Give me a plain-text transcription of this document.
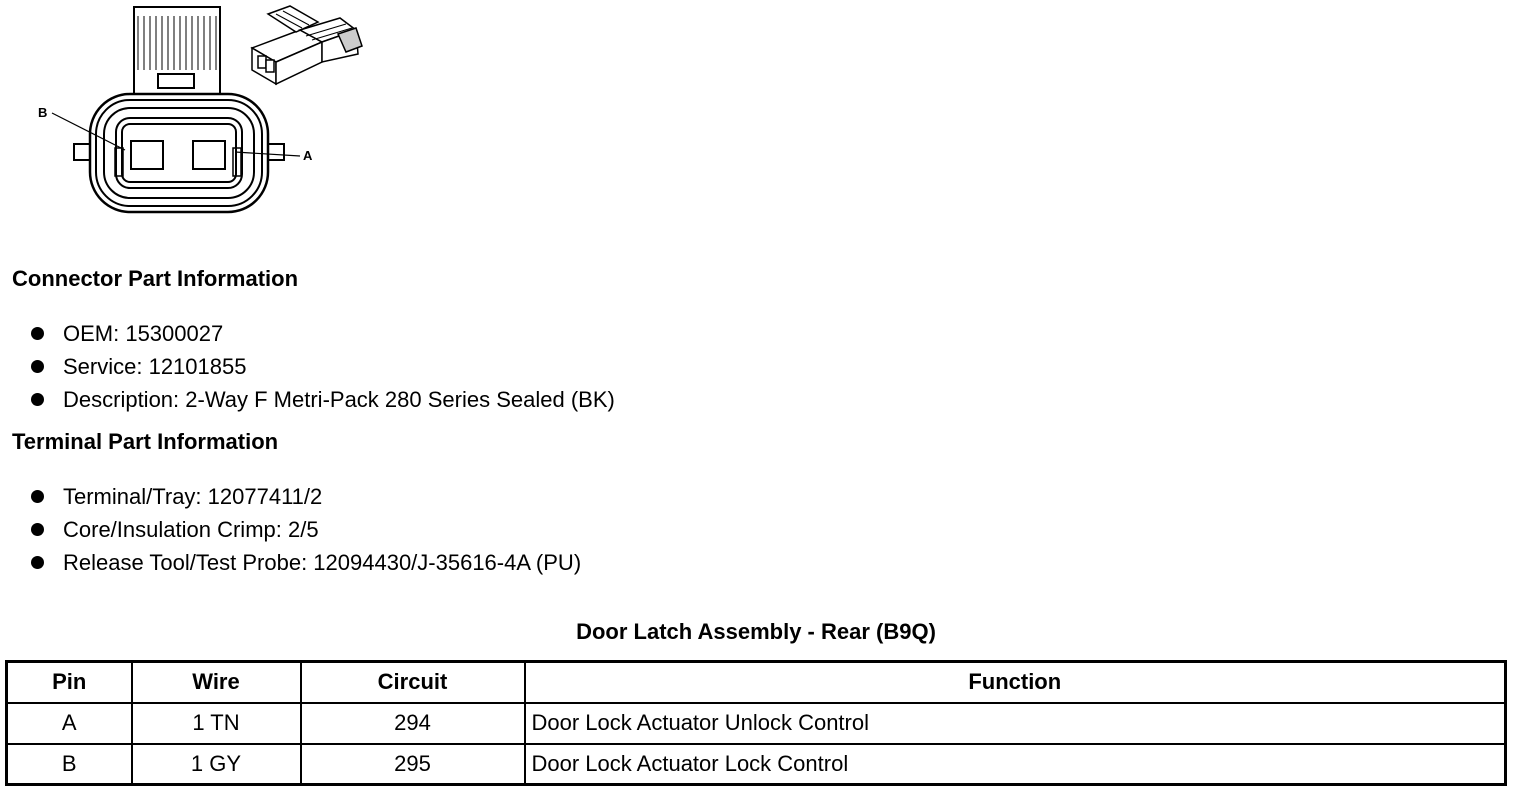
B
A
Connector Part Information
OEM: 15300027
Service: 12101855
Description: 2-Way F Metri-Pack 280 Series Sealed (BK)
Terminal Part Information
Terminal/Tray: 12077411/2
Core/Insulation Crimp: 2/5
Release Tool/Test Probe: 12094430/J-35616-4A (PU)
Door Latch Assembly - Rear (B9Q)
Pin	Wire	Circuit	Function
A	1 TN	294	Door Lock Actuator Unlock Control
B	1 GY	295	Door Lock Actuator Lock Control
